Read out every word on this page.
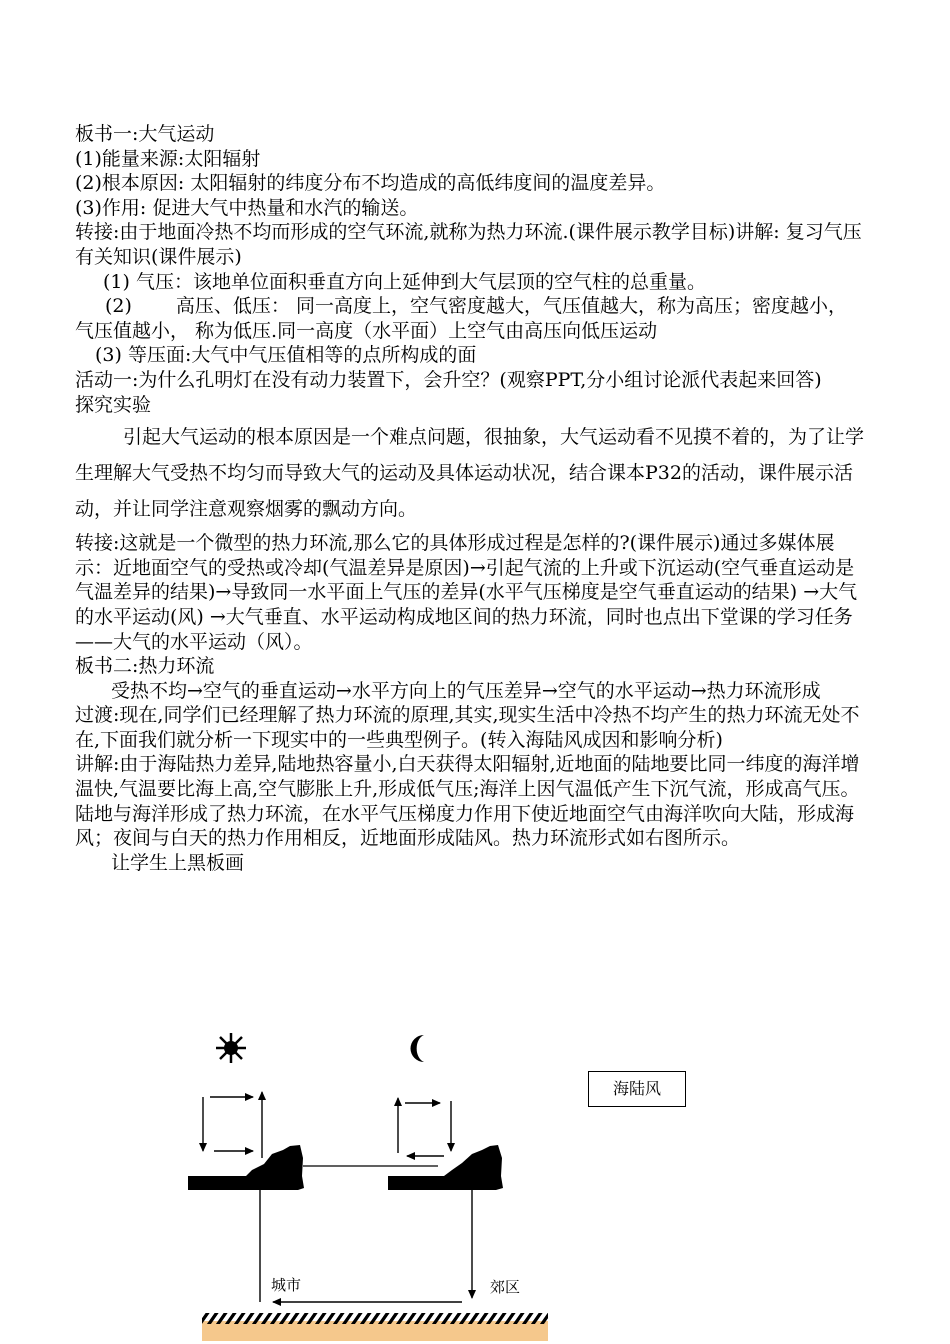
板书一:大气运动

(1)能量来源:太阳辐射

(2)根本原因: 太阳辐射的纬度分布不均造成的高低纬度间的温度差异。

(3)作用: 促进大气中热量和水汽的输送。

转接:由于地面冷热不均而形成的空气环流,就称为热力环流.(课件展示教学目标)讲解: 复习气压有关知识(课件展示)

(1) 气压：该地单位面积垂直方向上延伸到大气层顶的空气柱的总重量。

(2) 高压、低压： 同一高度上，空气密度越大，气压值越大，称为高压；密度越小， 气压值越小， 称为低压.同一高度（水平面）上空气由高压向低压运动

(3) 等压面:大气中气压值相等的点所构成的面

活动一:为什么孔明灯在没有动力装置下，会升空？(观察PPT,分小组讨论派代表起来回答)

探究实验

引起大气运动的根本原因是一个难点问题，很抽象，大气运动看不见摸不着的，为了让学生理解大气受热不均匀而导致大气的运动及具体运动状况，结合课本P32的活动，课件展示活动，并让同学注意观察烟雾的飘动方向。

转接:这就是一个微型的热力环流,那么它的具体形成过程是怎样的?(课件展示)通过多媒体展示：近地面空气的受热或冷却(气温差异是原因)→引起气流的上升或下沉运动(空气垂直运动是气温差异的结果)→导致同一水平面上气压的差异(水平气压梯度是空气垂直运动的结果) →大气的水平运动(风) →大气垂直、水平运动构成地区间的热力环流，同时也点出下堂课的学习任务——大气的水平运动（风）。

板书二:热力环流

受热不均→空气的垂直运动→水平方向上的气压差异→空气的水平运动→热力环流形成

过渡:现在,同学们已经理解了热力环流的原理,其实,现实生活中冷热不均产生的热力环流无处不在,下面我们就分析一下现实中的一些典型例子。(转入海陆风成因和影响分析)

讲解:由于海陆热力差异,陆地热容量小,白天获得太阳辐射,近地面的陆地要比同一纬度的海洋增温快,气温要比海上高,空气膨胀上升,形成低气压;海洋上因气温低产生下沉气流，形成高气压。陆地与海洋形成了热力环流，在水平气压梯度力作用下使近地面空气由海洋吹向大陆，形成海风；夜间与白天的热力作用相反，近地面形成陆风。热力环流形式如右图所示。

让学生上黑板画

海陆风
城市	郊区
